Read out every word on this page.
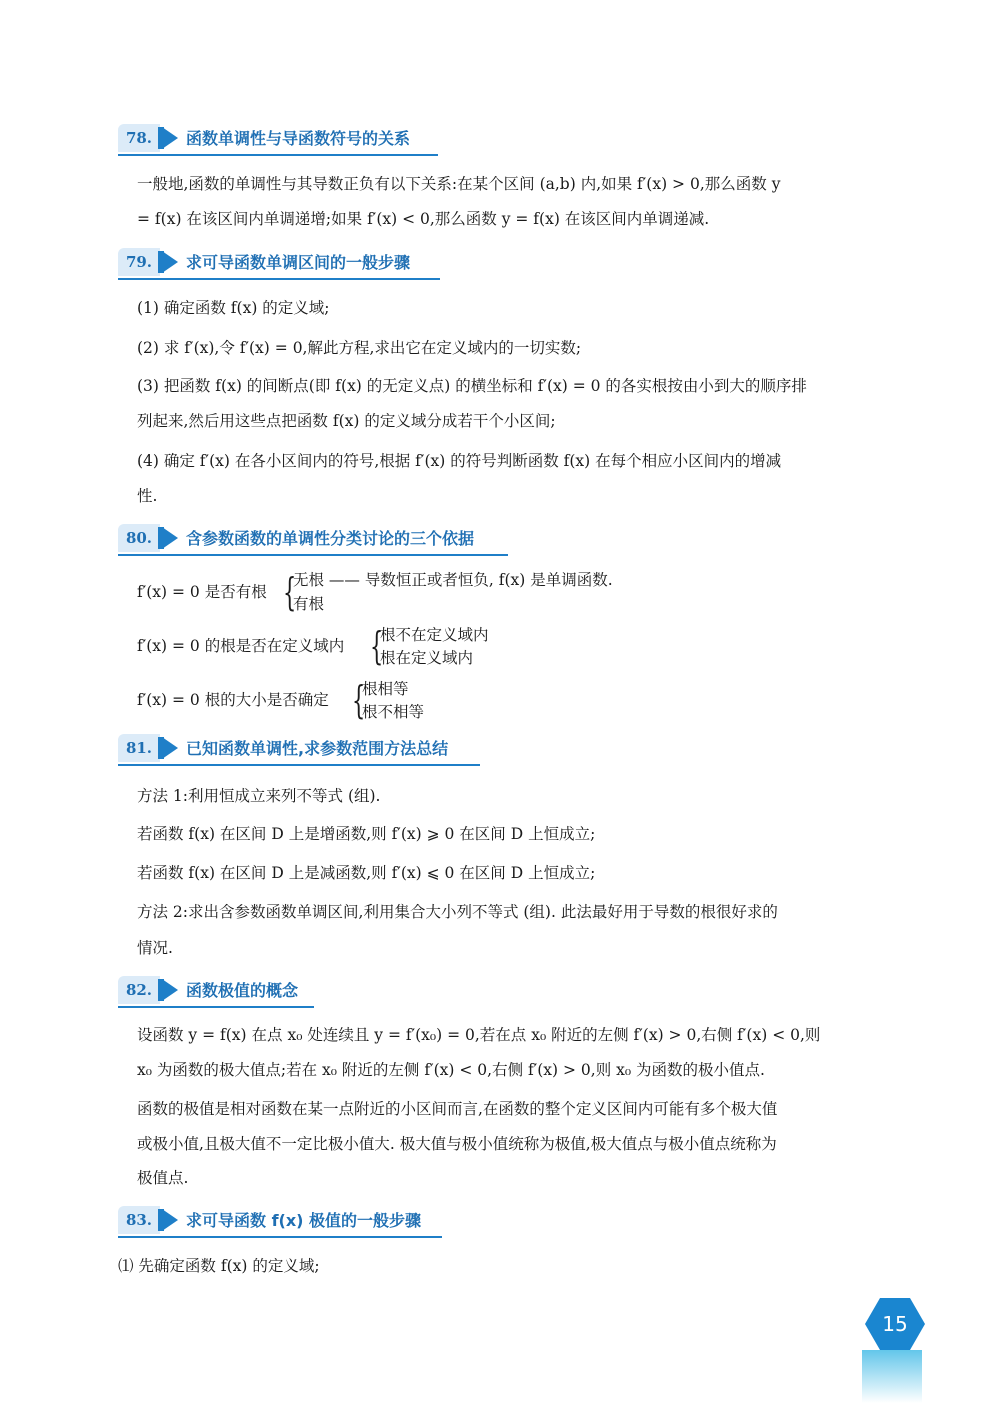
78.	函数单调性与导函数符号的关系
一般地,函数的单调性与其导数正负有以下关系:在某个区间 (a,b) 内,如果 f′(x) > 0,那么函数 y
= f(x) 在该区间内单调递增;如果 f′(x) < 0,那么函数 y = f(x) 在该区间内单调递减.
79.	求可导函数单调区间的一般步骤
(1) 确定函数 f(x) 的定义域;
(2) 求 f′(x),令 f′(x) = 0,解此方程,求出它在定义域内的一切实数;
(3) 把函数 f(x) 的间断点(即 f(x) 的无定义点) 的横坐标和 f′(x) = 0 的各实根按由小到大的顺序排
列起来,然后用这些点把函数 f(x) 的定义域分成若干个小区间;
(4) 确定 f′(x) 在各小区间内的符号,根据 f′(x) 的符号判断函数 f(x) 在每个相应小区间内的增减
性.
80.	含参数函数的单调性分类讨论的三个依据
f′(x) = 0 是否有根 {
无根 —— 导数恒正或者恒负, f(x) 是单调函数.
有根
f′(x) = 0 的根是否在定义域内 {
根不在定义域内
根在定义域内
f′(x) = 0 根的大小是否确定 {
根相等
根不相等
81.	已知函数单调性,求参数范围方法总结
方法 1:利用恒成立来列不等式 (组).
若函数 f(x) 在区间 D 上是增函数,则 f′(x) ⩾ 0 在区间 D 上恒成立;
若函数 f(x) 在区间 D 上是减函数,则 f′(x) ⩽ 0 在区间 D 上恒成立;
方法 2:求出含参数函数单调区间,利用集合大小列不等式 (组). 此法最好用于导数的根很好求的
情况.
82.	函数极值的概念
设函数 y = f(x) 在点 x₀ 处连续且 y = f′(x₀) = 0,若在点 x₀ 附近的左侧 f′(x) > 0,右侧 f′(x) < 0,则
x₀ 为函数的极大值点;若在 x₀ 附近的左侧 f′(x) < 0,右侧 f′(x) > 0,则 x₀ 为函数的极小值点.
函数的极值是相对函数在某一点附近的小区间而言,在函数的整个定义区间内可能有多个极大值
或极小值,且极大值不一定比极小值大. 极大值与极小值统称为极值,极大值点与极小值点统称为
极值点.
83.	求可导函数 f(x) 极值的一般步骤
⑴ 先确定函数 f(x) 的定义域;
15
